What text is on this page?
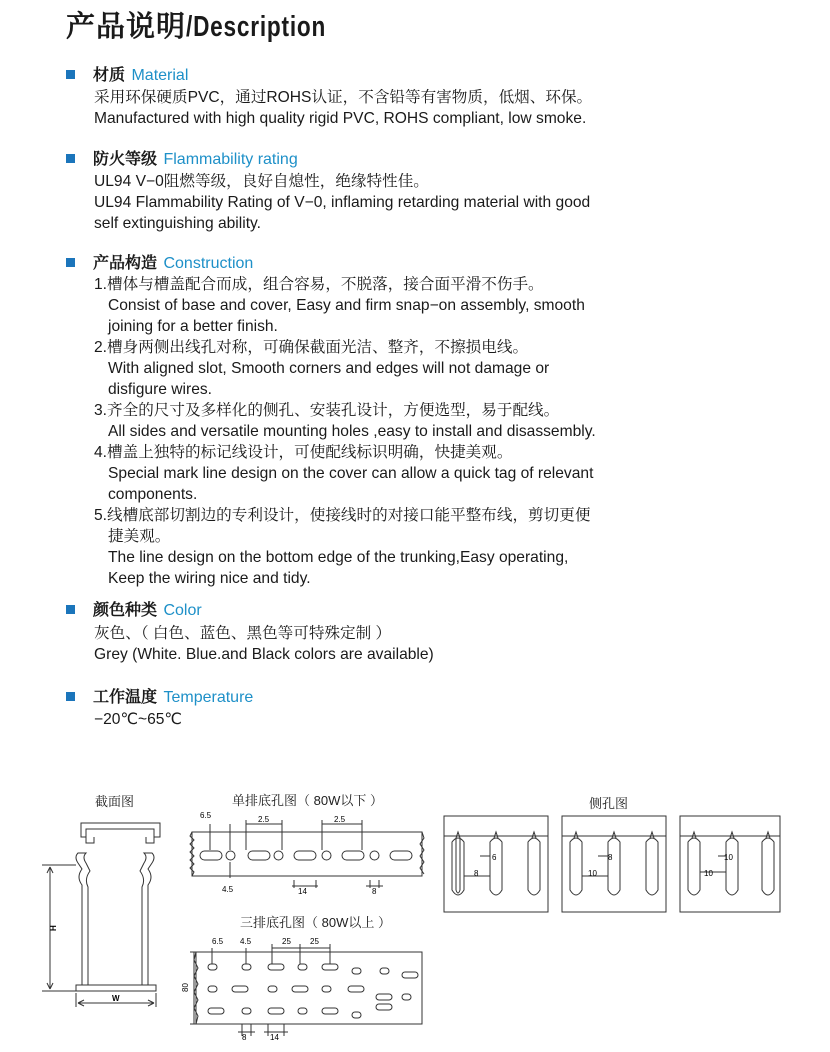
产品说明/Description
材质 Material
采用环保硬质PVC，通过ROHS认证，不含铅等有害物质，低烟、环保。
Manufactured with high quality rigid PVC, ROHS compliant, low smoke.
防火等级 Flammability rating
UL94 V−0阻燃等级，良好自熄性，绝缘特性佳。
UL94 Flammability Rating of V−0, inflaming retarding material with good
self extinguishing ability.
产品构造 Construction
1.槽体与槽盖配合而成，组合容易，不脱落，接合面平滑不伤手。
Consist of base and cover, Easy and firm snap−on assembly, smooth
joining for a better finish.
2.槽身两侧出线孔对称，可确保截面光洁、整齐，不擦损电线。
With aligned slot, Smooth corners and edges will not damage or
disfigure wires.
3.齐全的尺寸及多样化的侧孔、安装孔设计，方便选型，易于配线。
All sides and versatile mounting holes ,easy to install and disassembly.
4.槽盖上独特的标记线设计，可使配线标识明确，快捷美观。
Special mark line design on the cover can allow a quick tag of relevant
components.
5.线槽底部切割边的专利设计，使接线时的对接口能平整布线，剪切更便
捷美观。
The line design on the bottom edge of the trunking,Easy operating,
Keep the wiring nice and tidy.
颜色种类 Color
灰色、（ 白色、蓝色、黑色等可特殊定制 ）
Grey (White. Blue.and Black colors are available)
工作温度 Temperature
−20℃~65℃
截面图	单排底孔图（ 80W以下 ）
三排底孔图（ 80W以上 ）
侧孔图
H
W
6.5	2.5	2.5
4.5	14	8
6.5 4.5	25 25
80
8	14
6
8
8
10
10
10
